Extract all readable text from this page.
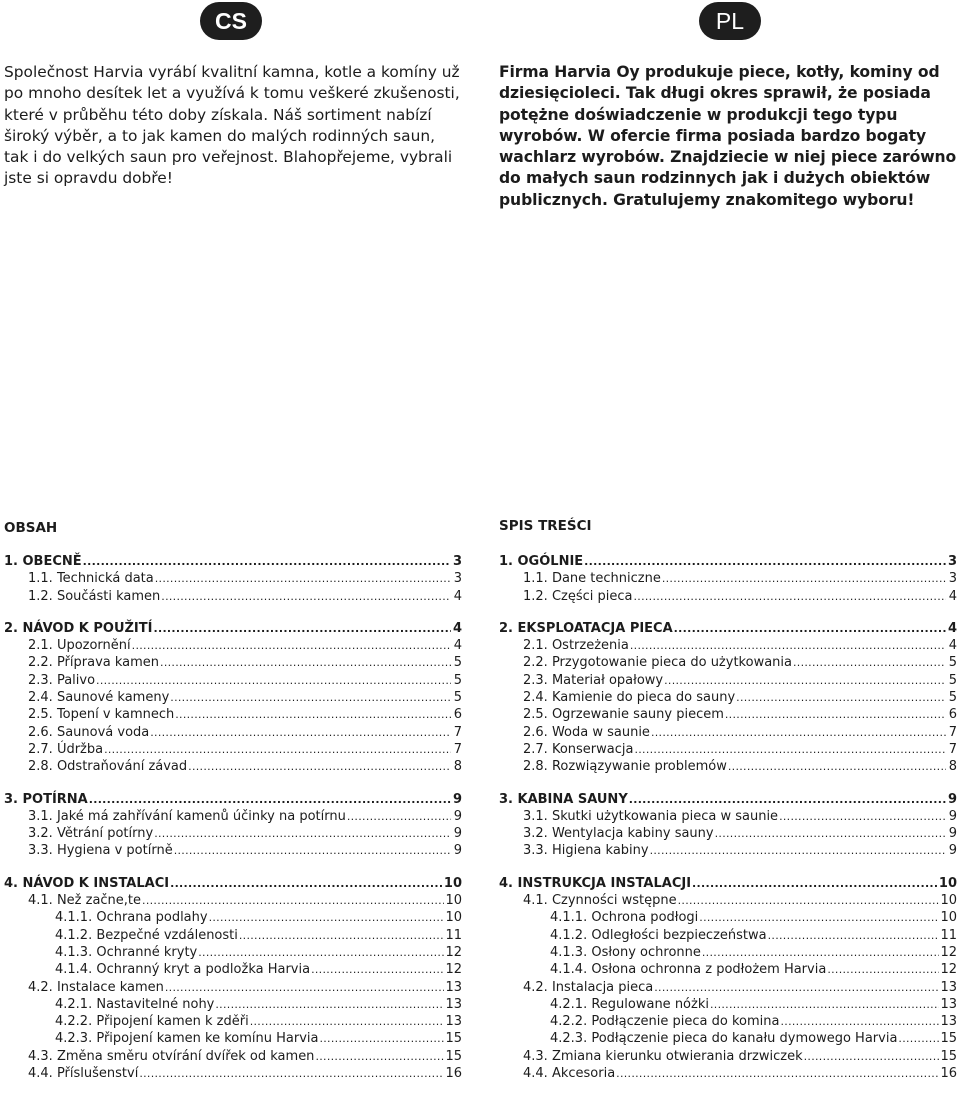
CS
Společnost Harvia vyrábí kvalitní kamna, kotle a komíny už po mnoho desítek let a využívá k tomu veškeré zkušenosti, které v průběhu této doby získala. Náš sortiment nabízí široký výběr, a to jak kamen do malých rodinných saun, tak i do velkých saun pro veřejnost. Blahopřejeme, vybrali jste si opravdu dobře!
OBSAH
1. OBECNĚ .....	3
1.1. Technická data .....	3
1.2. Součásti kamen .....	4
2. NÁVOD K POUŽITÍ .....	4
2.1. Upozornění .....	4
2.2. Příprava kamen .....	5
2.3. Palivo .....	5
2.4. Saunové kameny .....	5
2.5. Topení v kamnech .....	6
2.6. Saunová voda .....	7
2.7. Údržba .....	7
2.8. Odstraňování závad .....	8
3. POTÍRNA .....	9
3.1. Jaké má zahřívání kamenů účinky na potírnu .....	9
3.2. Větrání potírny .....	9
3.3. Hygiena v potírně .....	9
4. NÁVOD K INSTALACI .....	10
4.1. Než začne,te .....	10
4.1.1. Ochrana podlahy .....	10
4.1.2. Bezpečné vzdálenosti .....	11
4.1.3. Ochranné kryty .....	12
4.1.4. Ochranný kryt a podložka Harvia .....	12
4.2. Instalace kamen .....	13
4.2.1. Nastavitelné nohy .....	13
4.2.2. Připojení kamen k zděři .....	13
4.2.3. Připojení kamen ke komínu Harvia .....	15
4.3. Změna směru otvírání dvířek od kamen .....	15
4.4. Příslušenství .....	16
PL
Firma Harvia Oy produkuje piece, kotły, kominy od dziesięcioleci. Tak długi okres sprawił, że posiada potężne doświadczenie w produkcji tego typu wyrobów. W ofercie firma posiada bardzo bogaty wachlarz wyrobów. Znajdziecie w niej piece zarówno do małych saun rodzinnych jak i dużych obiektów publicznych. Gratulujemy znakomitego wyboru!
SPIS TREŚCI
1. OGÓLNIE .....	3
1.1. Dane techniczne .....	3
1.2. Części pieca .....	4
2. EKSPLOATACJA PIECA .....	4
2.1. Ostrzeżenia .....	4
2.2. Przygotowanie pieca do użytkowania .....	5
2.3. Materiał opałowy .....	5
2.4. Kamienie do pieca do sauny .....	5
2.5. Ogrzewanie sauny piecem .....	6
2.6. Woda w saunie .....	7
2.7. Konserwacja .....	7
2.8. Rozwiązywanie problemów .....	8
3. KABINA SAUNY .....	9
3.1. Skutki użytkowania pieca w saunie .....	9
3.2. Wentylacja kabiny sauny .....	9
3.3. Higiena kabiny .....	9
4. INSTRUKCJA INSTALACJI .....	10
4.1. Czynności wstępne .....	10
4.1.1. Ochrona podłogi .....	10
4.1.2. Odległości bezpieczeństwa .....	11
4.1.3. Osłony ochronne .....	12
4.1.4. Osłona ochronna z podłożem Harvia .....	12
4.2. Instalacja pieca .....	13
4.2.1. Regulowane nóżki .....	13
4.2.2. Podłączenie pieca do komina .....	13
4.2.3. Podłączenie pieca do kanału dymowego Harvia .....	15
4.3. Zmiana kierunku otwierania drzwiczek .....	15
4.4. Akcesoria .....	16
